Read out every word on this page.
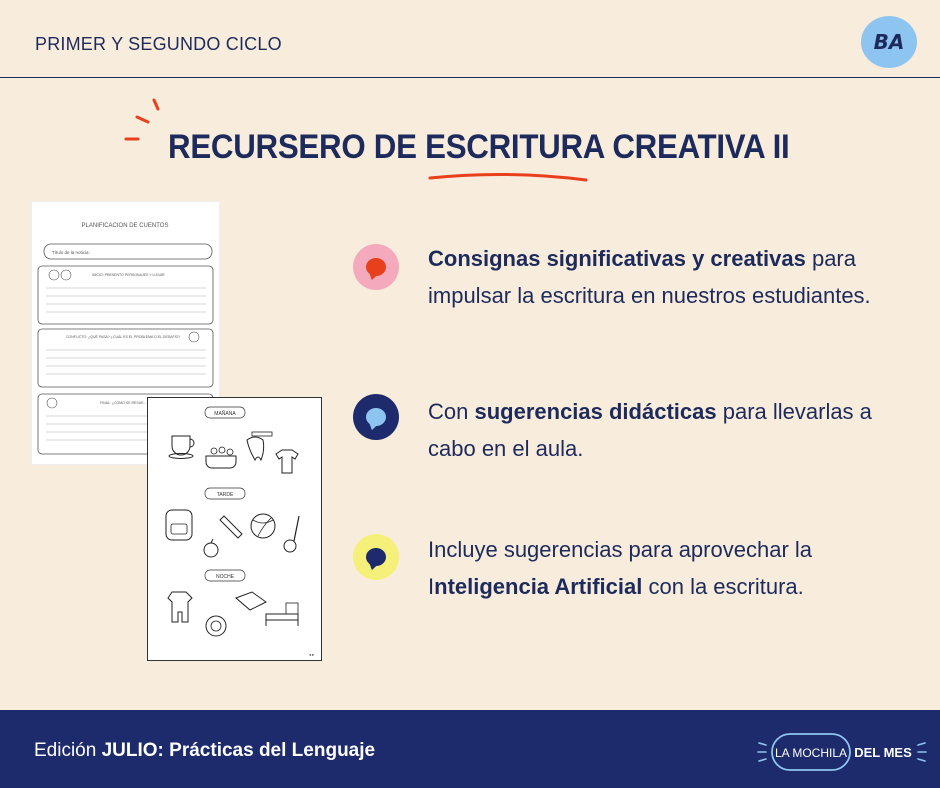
PRIMER Y SEGUNDO CICLO	BA
RECURSERO DE ESCRITURA CREATIVA II
PLANIFICACION DE CUENTOS
Título de la noticia:
INICIO: PRESENTO PERSONAJES Y LUGAR
CONFLICTO: ¿QUÉ PASA? ¿CUÁL ES EL PROBLEMA O EL DESAFÍO?
FINAL: ¿CÓMO SE RESUE...
MAÑANA
TARDE
NOCHE
●●
Consignas significativas y creativas para impulsar la escritura en nuestros estudiantes.
Con sugerencias didácticas para llevarlas a cabo en el aula.
Incluye sugerencias para aprovechar la Inteligencia Artificial con la escritura.
Edición JULIO: Prácticas del Lenguaje	LA MOCHILA DEL MES
